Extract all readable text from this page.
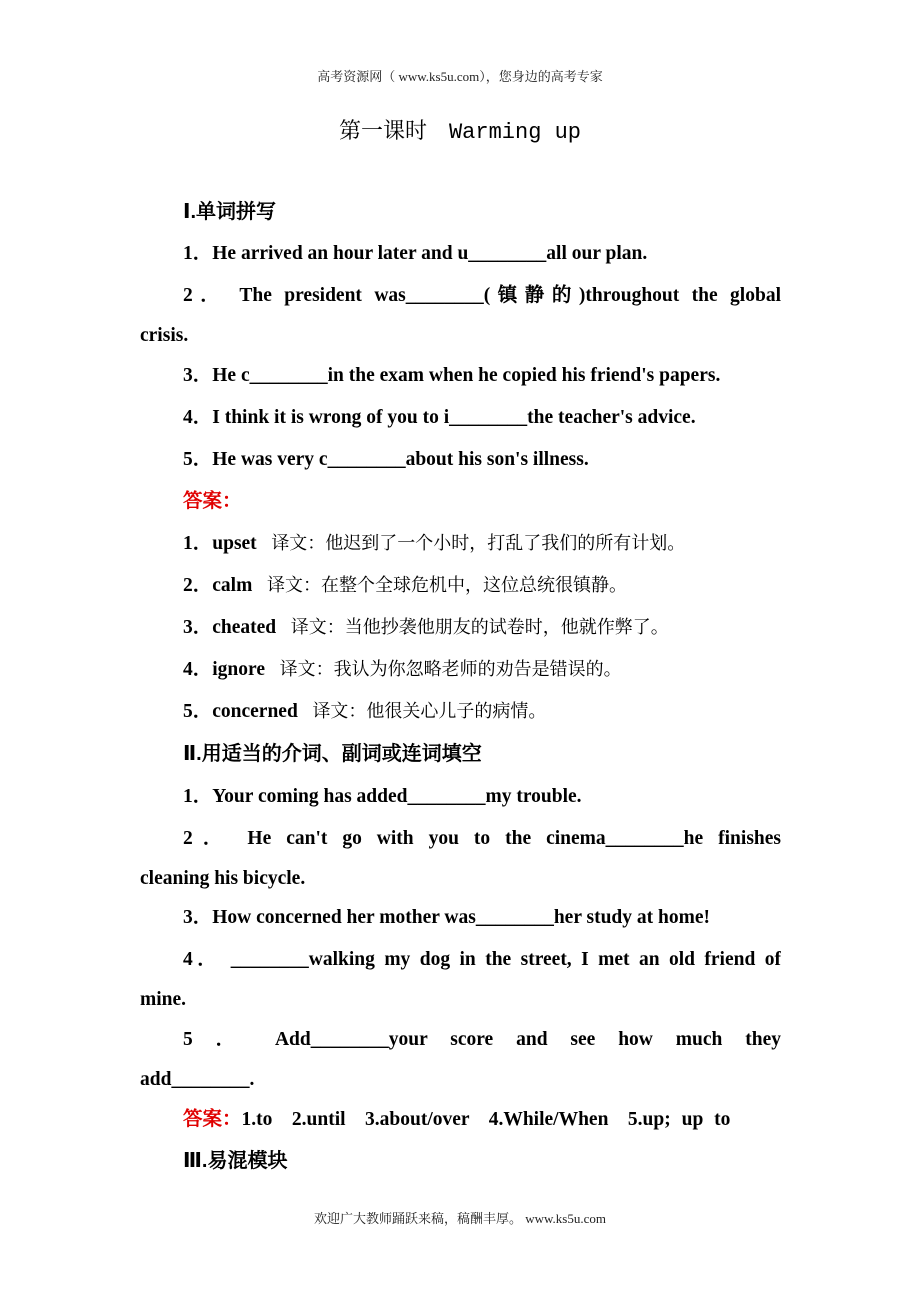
高考资源网（ www.ks5u.com），您身边的高考专家
第一课时 Warming up
Ⅰ.单词拼写
1．He arrived an hour later and u________all our plan.
2． The president was________(镇静的)throughout the global
crisis.
3．He c________in the exam when he copied his friend's papers.
4．I think it is wrong of you to i________the teacher's advice.
5．He was very c________about his son's illness.
答案：
1．upset 译文：他迟到了一个小时，打乱了我们的所有计划。
2．calm 译文：在整个全球危机中，这位总统很镇静。
3．cheated 译文：当他抄袭他朋友的试卷时，他就作弊了。
4．ignore 译文：我认为你忽略老师的劝告是错误的。
5．concerned 译文：他很关心儿子的病情。
Ⅱ.用适当的介词、副词或连词填空
1．Your coming has added________my trouble.
2． He can't go with you to the cinema________he finishes
cleaning his bicycle.
3．How concerned her mother was________her study at home!
4． ________walking my dog in the street, I met an old friend of
mine.
5 ． Add________your score and see how much they
add________.
答案：1.to　2.until　3.about/over　4.While/When　5.up; up to
Ⅲ.易混模块
欢迎广大教师踊跃来稿，稿酬丰厚。 www.ks5u.com
